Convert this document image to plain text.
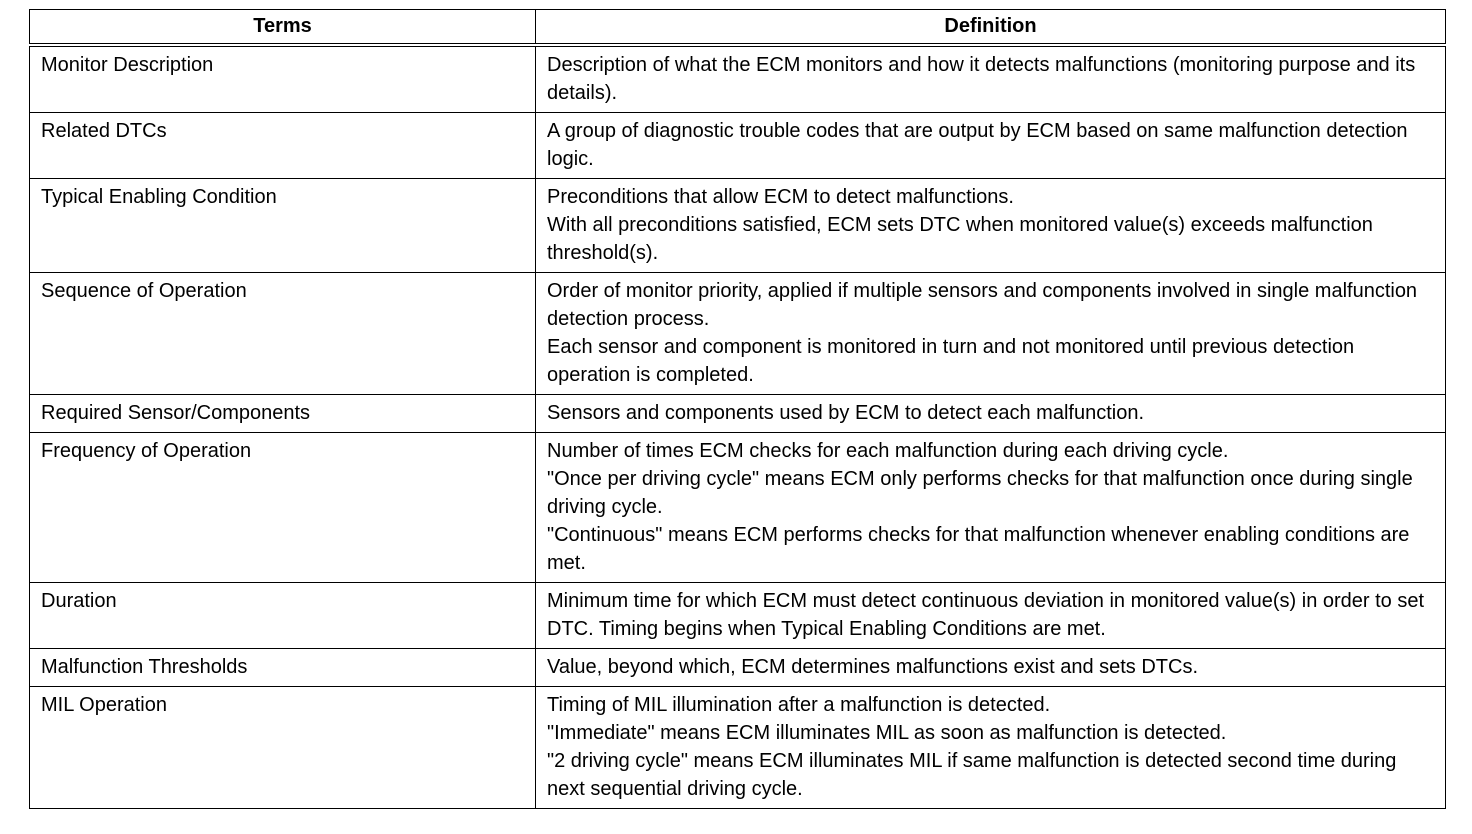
Terms	Definition
Monitor Description	Description of what the ECM monitors and how it detects malfunctions (monitoring purpose and its details).

Related DTCs	A group of diagnostic trouble codes that are output by ECM based on same malfunction detection logic.

Typical Enabling Condition	Preconditions that allow ECM to detect malfunctions.
With all preconditions satisfied, ECM sets DTC when monitored value(s) exceeds malfunction threshold(s).

Sequence of Operation	Order of monitor priority, applied if multiple sensors and components involved in single malfunction detection process.
Each sensor and component is monitored in turn and not monitored until previous detection operation is completed.

Required Sensor/Components	Sensors and components used by ECM to detect each malfunction.

Frequency of Operation	Number of times ECM checks for each malfunction during each driving cycle.
"Once per driving cycle" means ECM only performs checks for that malfunction once during single driving cycle.
"Continuous" means ECM performs checks for that malfunction whenever enabling conditions are met.

Duration	Minimum time for which ECM must detect continuous deviation in monitored value(s) in order to set DTC. Timing begins when Typical Enabling Conditions are met.

Malfunction Thresholds	Value, beyond which, ECM determines malfunctions exist and sets DTCs.

MIL Operation	Timing of MIL illumination after a malfunction is detected.
"Immediate" means ECM illuminates MIL as soon as malfunction is detected.
"2 driving cycle" means ECM illuminates MIL if same malfunction is detected second time during next sequential driving cycle.
